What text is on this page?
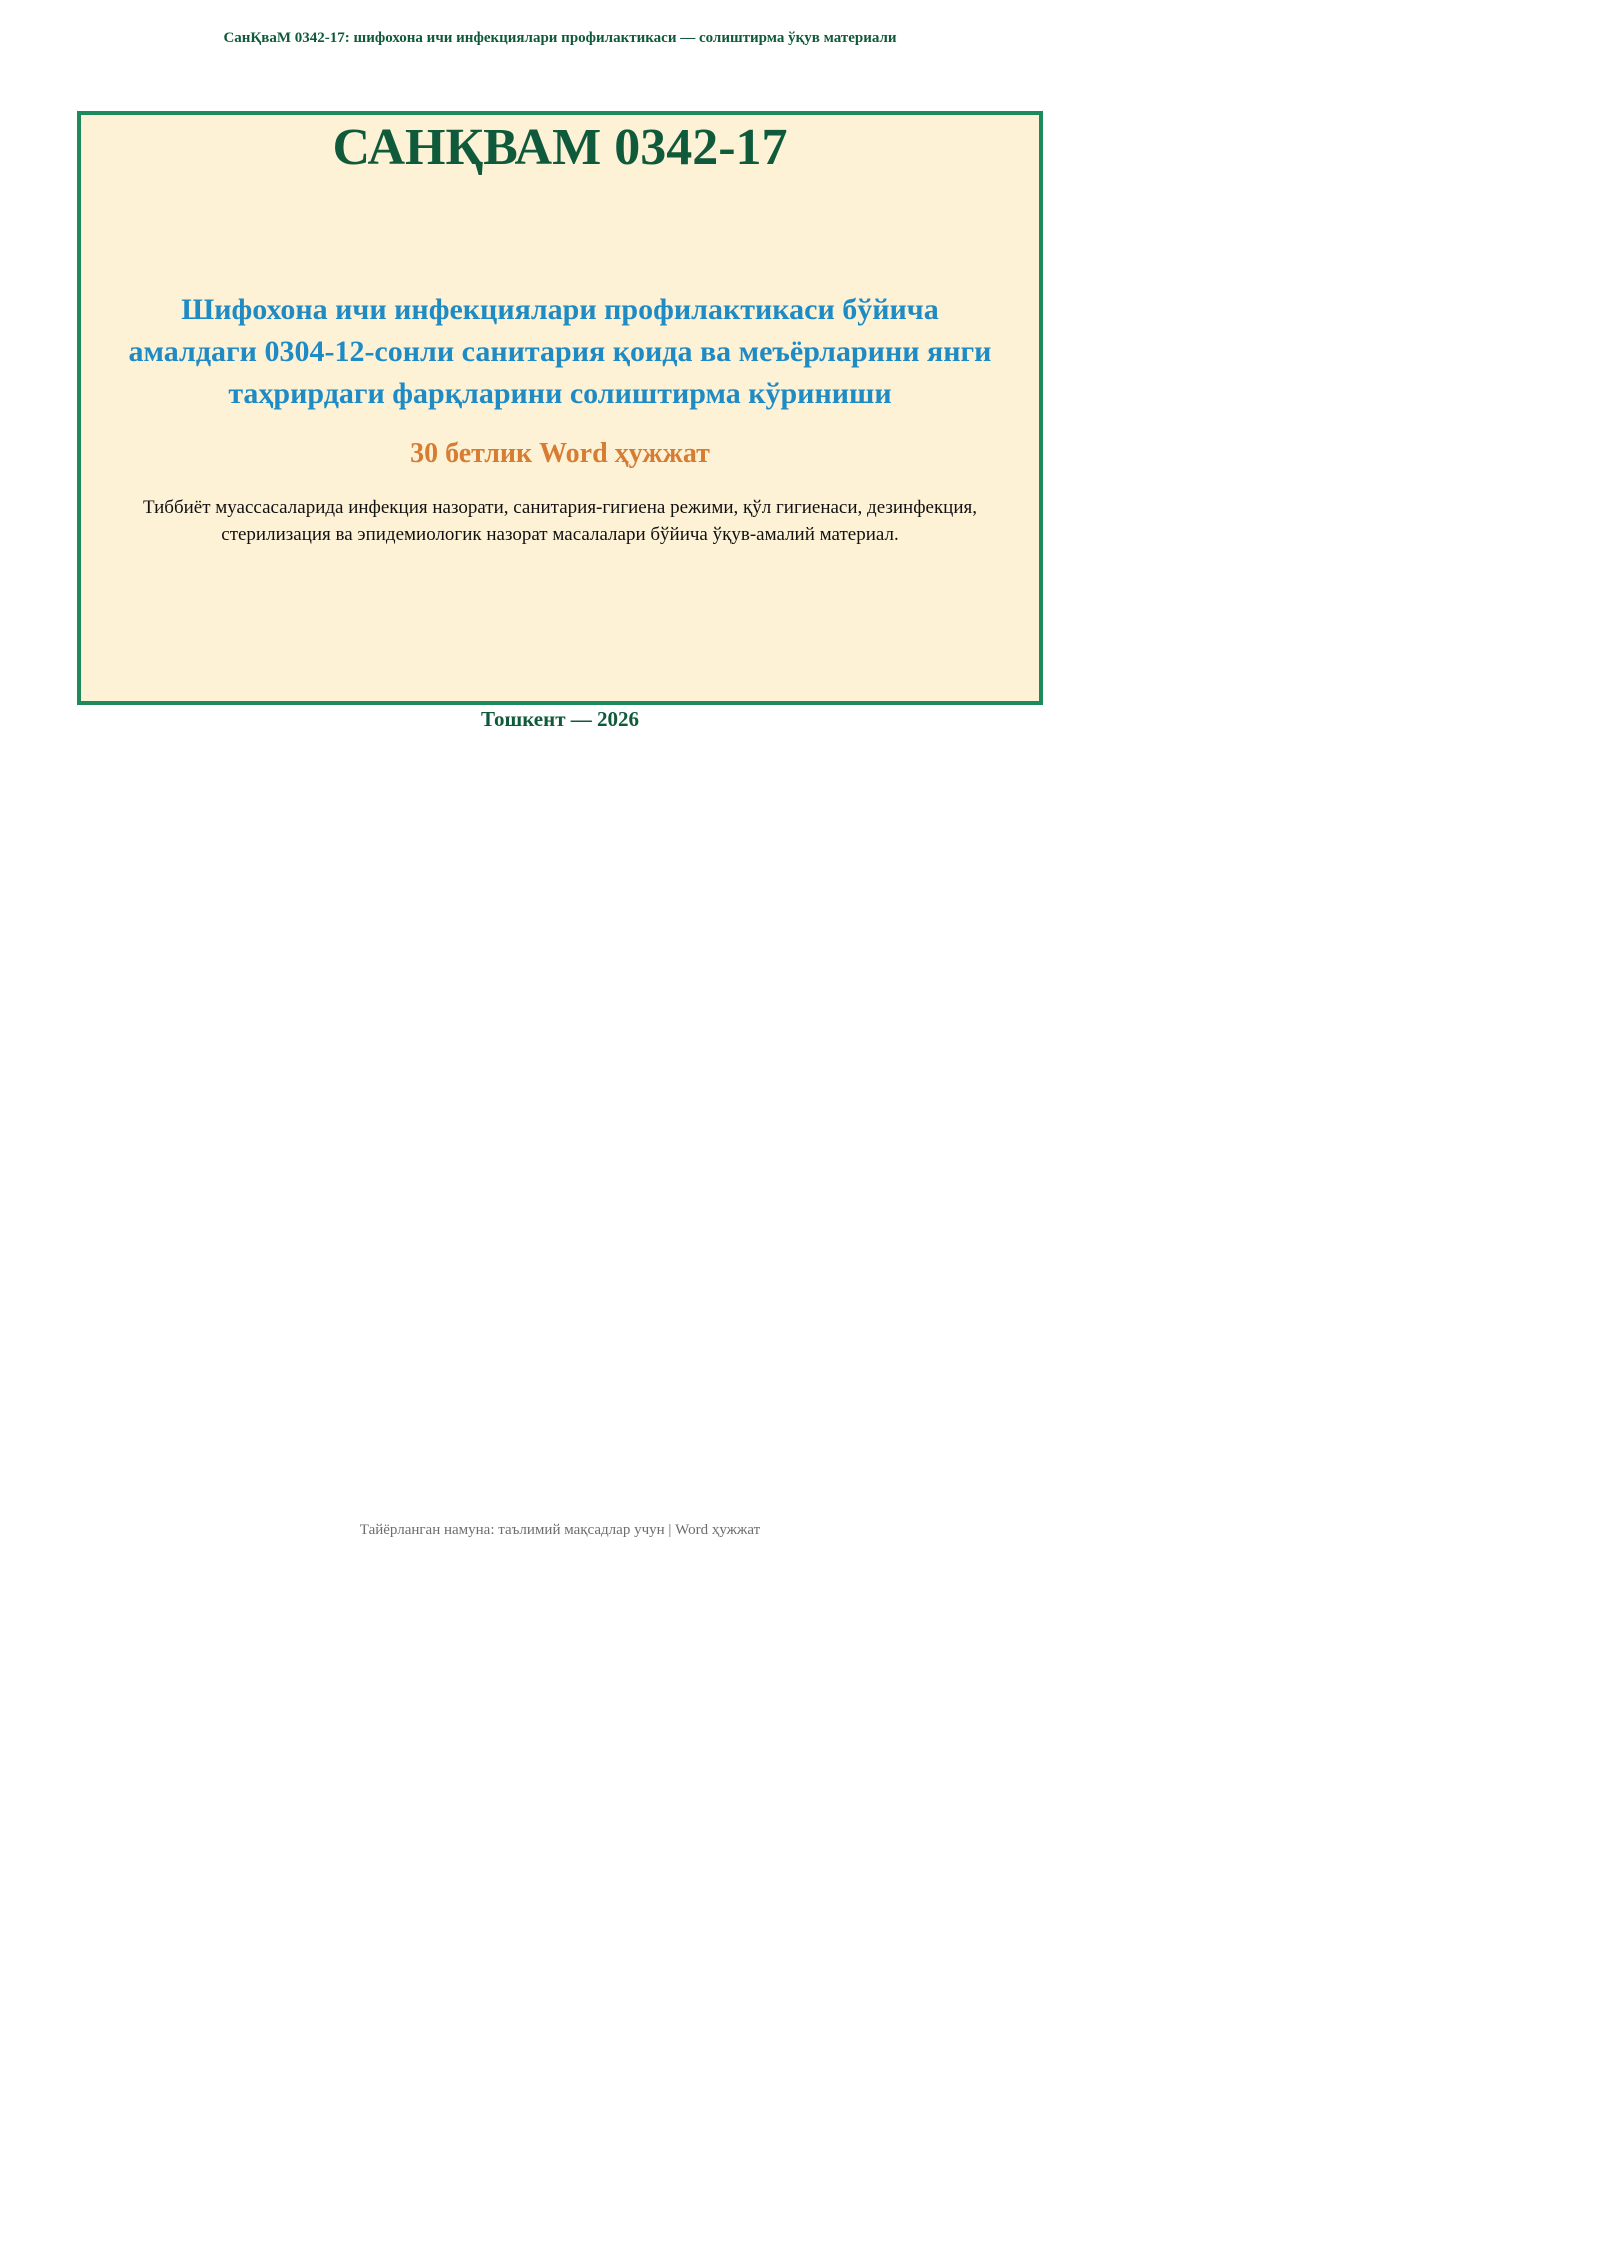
СанҚваМ 0342-17: шифохона ичи инфекциялари профилактикаси — солиштирма ўқув материали
САНҚВАМ 0342-17
Шифохона ичи инфекциялари профилактикаси бўйича
амалдаги 0304-12-сонли санитария қоида ва меъёрларини янги
таҳрирдаги фарқларини солиштирма кўриниши
30 бетлик Word ҳужжат
Тиббиёт муассасаларида инфекция назорати, санитария-гигиена режими, қўл гигиенаси, дезинфекция,
стерилизация ва эпидемиологик назорат масалалари бўйича ўқув-амалий материал.
Тошкент — 2026
Тайёрланган намуна: таълимий мақсадлар учун | Word ҳужжат
